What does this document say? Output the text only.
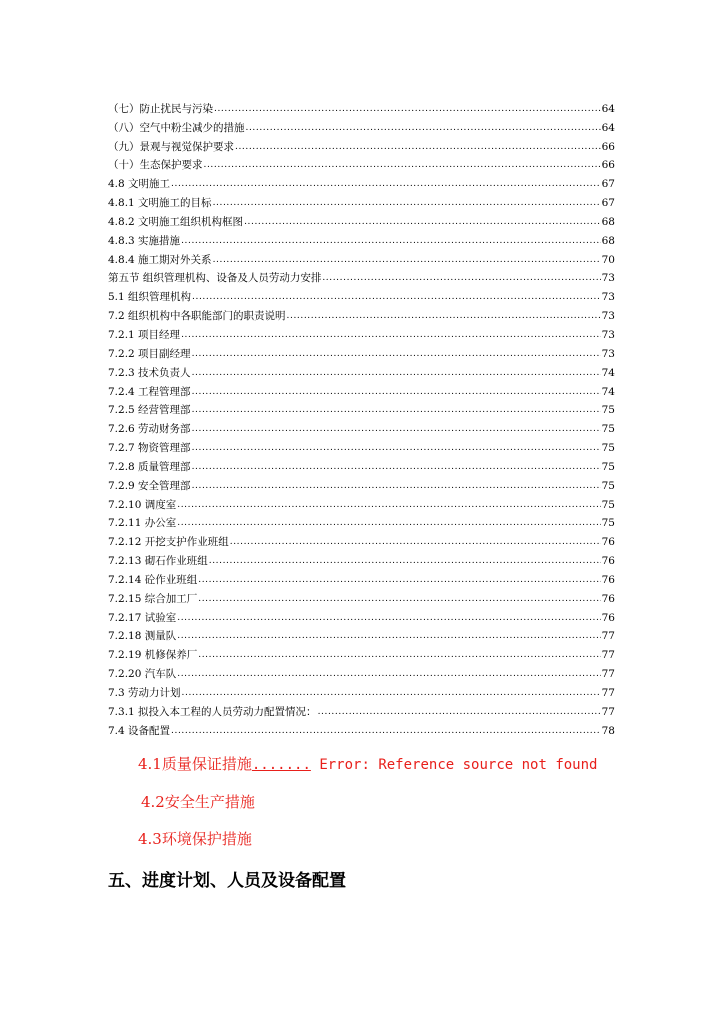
（七）防止扰民与污染 .....	64
（八）空气中粉尘减少的措施 .....	64
（九）景观与视觉保护要求 .....	66
（十）生态保护要求 .....	66
4.8 文明施工 .....	67
4.8.1 文明施工的目标 .....	67
4.8.2 文明施工组织机构框图 .....	68
4.8.3 实施措施 .....	68
4.8.4 施工期对外关系 .....	70
第五节 组织管理机构、设备及人员劳动力安排 .....	73
5.1 组织管理机构 .....	73
7.2 组织机构中各职能部门的职责说明 .....	73
7.2.1 项目经理 .....	73
7.2.2 项目副经理 .....	73
7.2.3 技术负责人 .....	74
7.2.4 工程管理部 .....	74
7.2.5 经营管理部 .....	75
7.2.6 劳动财务部 .....	75
7.2.7 物资管理部 .....	75
7.2.8 质量管理部 .....	75
7.2.9 安全管理部 .....	75
7.2.10 调度室 .....	75
7.2.11 办公室 .....	75
7.2.12 开挖支护作业班组 .....	76
7.2.13 砌石作业班组 .....	76
7.2.14 砼作业班组 .....	76
7.2.15 综合加工厂 .....	76
7.2.17 试验室 .....	76
7.2.18 测量队 .....	77
7.2.19 机修保养厂 .....	77
7.2.20 汽车队 .....	77
7.3 劳动力计划 .....	77
7.3.1 拟投入本工程的人员劳动力配置情况： .....	77
7.4 设备配置 .....	78
4.1质量保证措施....... Error: Reference source not found
4.2安全生产措施
4.3环境保护措施
五、进度计划、人员及设备配置
